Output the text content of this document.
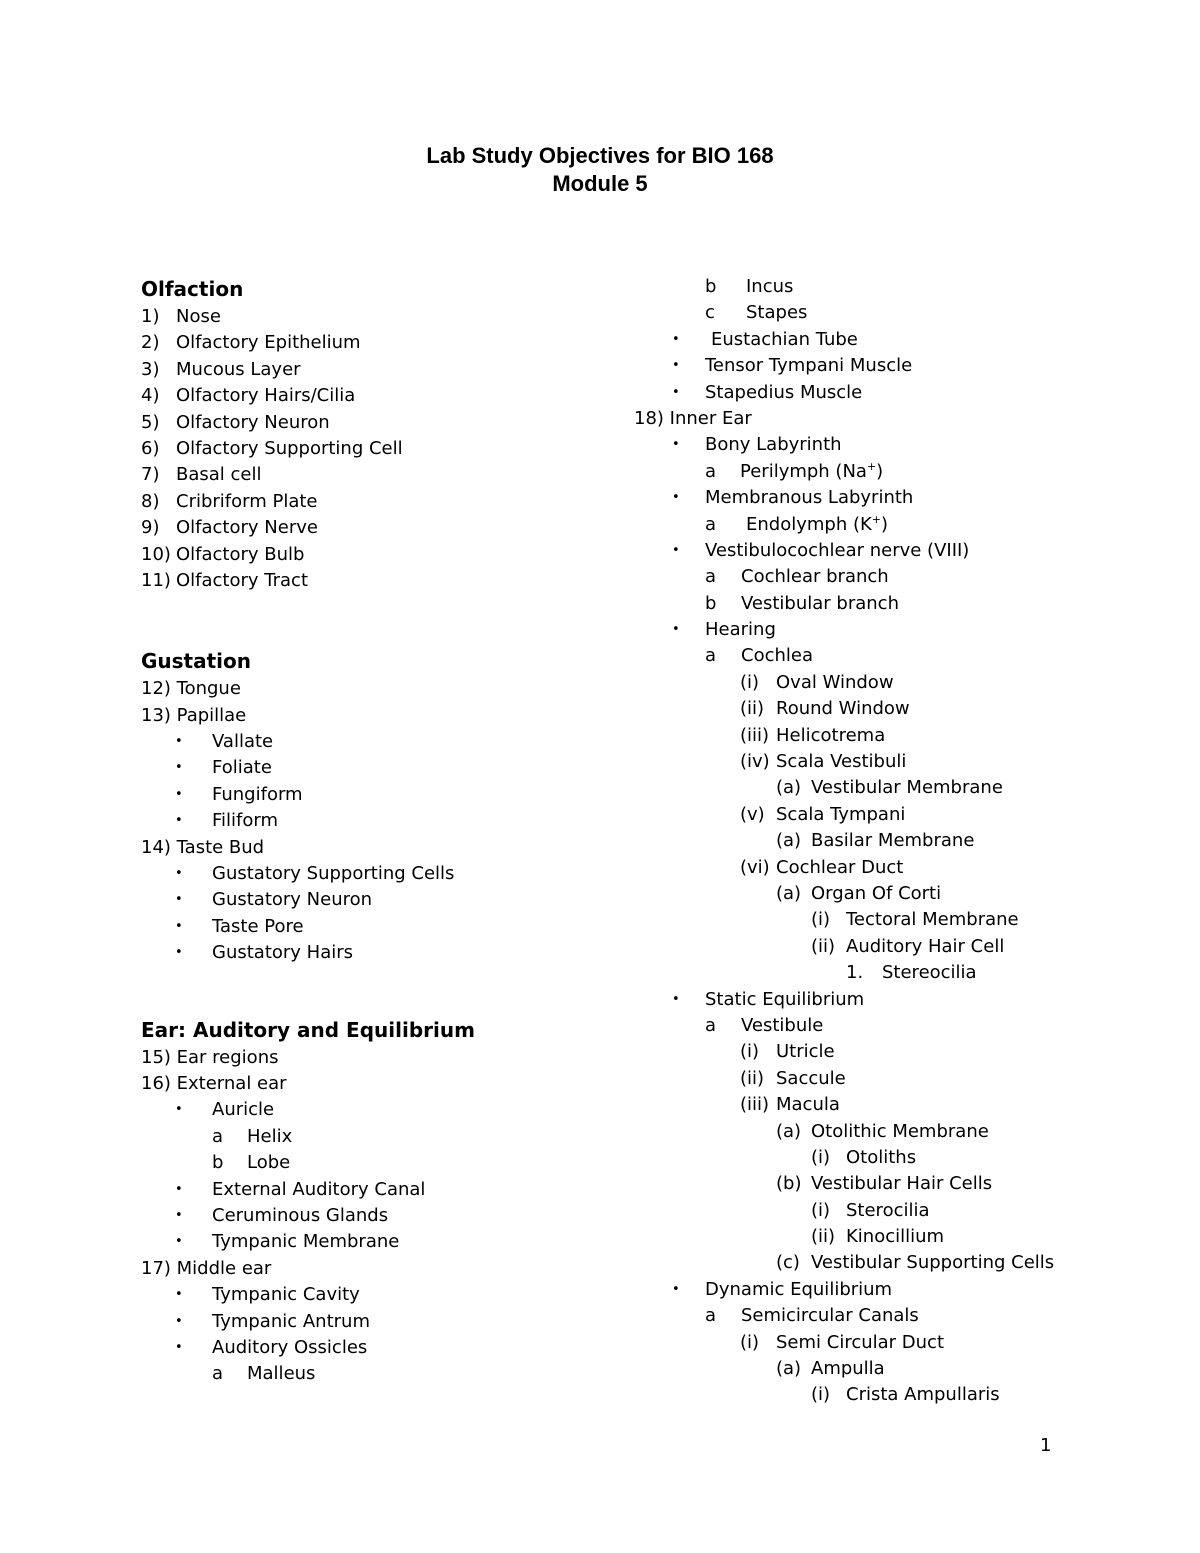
Lab Study Objectives for BIO 168
Module 5
Olfaction
1) Nose
2) Olfactory Epithelium
3) Mucous Layer
4) Olfactory Hairs/Cilia
5) Olfactory Neuron
6) Olfactory Supporting Cell
7) Basal cell
8) Cribriform Plate
9) Olfactory Nerve
10) Olfactory Bulb
11) Olfactory Tract
Gustation
12) Tongue
13) Papillae
• Vallate
• Foliate
• Fungiform
• Filiform
14) Taste Bud
• Gustatory Supporting Cells
• Gustatory Neuron
• Taste Pore
• Gustatory Hairs
Ear: Auditory and Equilibrium
15) Ear regions
16) External ear
• Auricle
a Helix
b Lobe
• External Auditory Canal
• Ceruminous Glands
• Tympanic Membrane
17) Middle ear
• Tympanic Cavity
• Tympanic Antrum
• Auditory Ossicles
a Malleus
b Incus
c Stapes
• Eustachian Tube
• Tensor Tympani Muscle
• Stapedius Muscle
18) Inner Ear
• Bony Labyrinth
a Perilymph (Na+)
• Membranous Labyrinth
a Endolymph (K+)
• Vestibulocochlear nerve (VIII)
a Cochlear branch
b Vestibular branch
• Hearing
a Cochlea
(i) Oval Window
(ii) Round Window
(iii) Helicotrema
(iv) Scala Vestibuli
(a) Vestibular Membrane
(v) Scala Tympani
(a) Basilar Membrane
(vi) Cochlear Duct
(a) Organ Of Corti
(i) Tectoral Membrane
(ii) Auditory Hair Cell
1. Stereocilia
• Static Equilibrium
a Vestibule
(i) Utricle
(ii) Saccule
(iii) Macula
(a) Otolithic Membrane
(i) Otoliths
(b) Vestibular Hair Cells
(i) Sterocilia
(ii) Kinocillium
(c) Vestibular Supporting Cells
• Dynamic Equilibrium
a Semicircular Canals
(i) Semi Circular Duct
(a) Ampulla
(i) Crista Ampullaris
1
